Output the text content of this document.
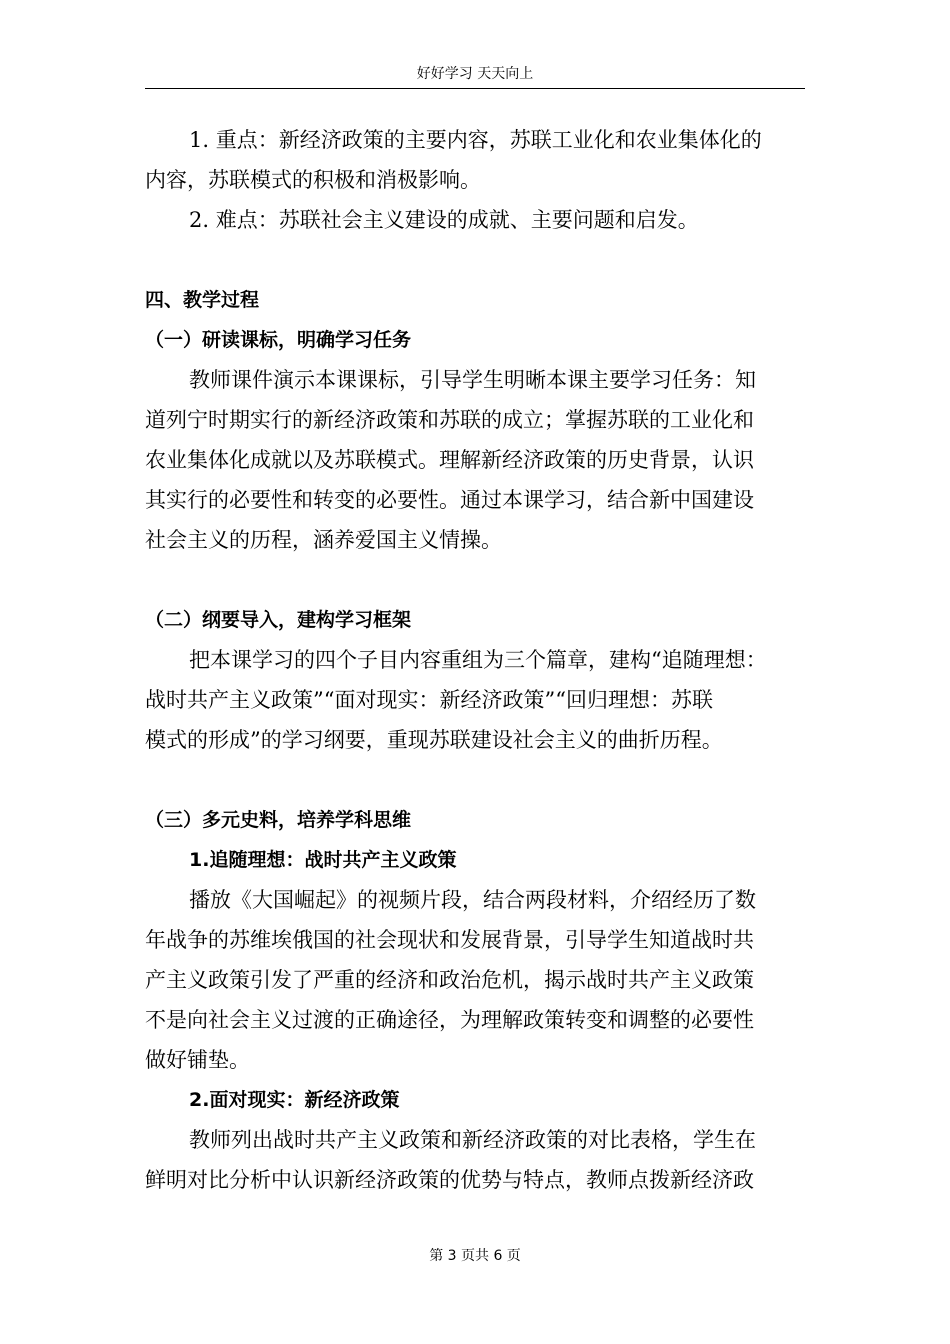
好好学习 天天向上

1. 重点：新经济政策的主要内容，苏联工业化和农业集体化的

内容，苏联模式的积极和消极影响。

2. 难点：苏联社会主义建设的成就、主要问题和启发。

四、教学过程

（一）研读课标，明确学习任务

教师课件演示本课课标，引导学生明晰本课主要学习任务：知

道列宁时期实行的新经济政策和苏联的成立；掌握苏联的工业化和

农业集体化成就以及苏联模式。理解新经济政策的历史背景，认识

其实行的必要性和转变的必要性。通过本课学习，结合新中国建设

社会主义的历程，涵养爱国主义情操。

（二）纲要导入，建构学习框架

把本课学习的四个子目内容重组为三个篇章，建构“追随理想：

战时共产主义政策”“面对现实：新经济政策”“回归理想：苏联

模式的形成”的学习纲要，重现苏联建设社会主义的曲折历程。

（三）多元史料，培养学科思维

1.追随理想：战时共产主义政策

播放《大国崛起》的视频片段，结合两段材料，介绍经历了数

年战争的苏维埃俄国的社会现状和发展背景，引导学生知道战时共

产主义政策引发了严重的经济和政治危机，揭示战时共产主义政策

不是向社会主义过渡的正确途径，为理解政策转变和调整的必要性

做好铺垫。

2.面对现实：新经济政策

教师列出战时共产主义政策和新经济政策的对比表格，学生在

鲜明对比分析中认识新经济政策的优势与特点，教师点拨新经济政

第 3 页共 6 页
